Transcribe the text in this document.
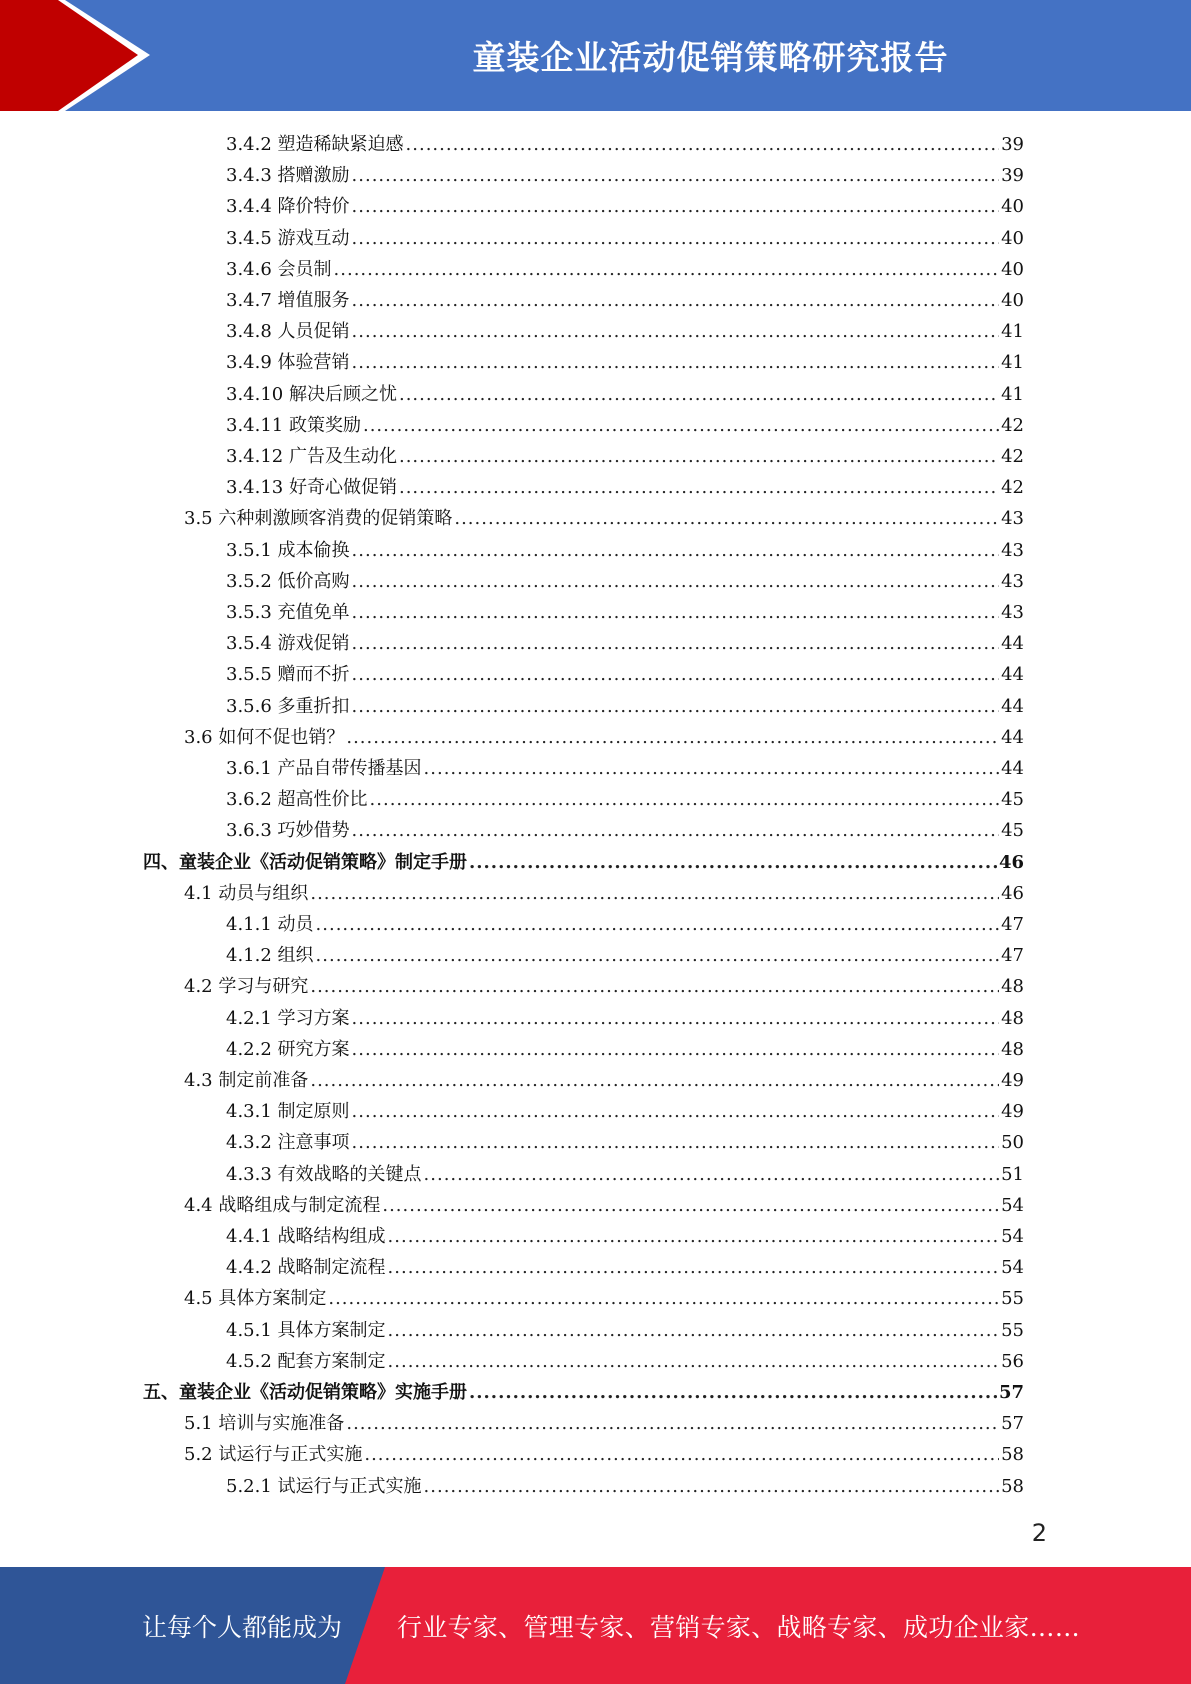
童装企业活动促销策略研究报告
3.4.2 塑造稀缺紧迫感 .....	39
3.4.3 搭赠激励 .....	39
3.4.4 降价特价 .....	40
3.4.5 游戏互动 .....	40
3.4.6 会员制 .....	40
3.4.7 增值服务 .....	40
3.4.8 人员促销 .....	41
3.4.9 体验营销 .....	41
3.4.10 解决后顾之忧 .....	41
3.4.11 政策奖励 .....	42
3.4.12 广告及生动化 .....	42
3.4.13 好奇心做促销 .....	42
3.5 六种刺激顾客消费的促销策略 .....	43
3.5.1 成本偷换 .....	43
3.5.2 低价高购 .....	43
3.5.3 充值免单 .....	43
3.5.4 游戏促销 .....	44
3.5.5 赠而不折 .....	44
3.5.6 多重折扣 .....	44
3.6 如何不促也销？ .....	44
3.6.1 产品自带传播基因 .....	44
3.6.2 超高性价比 .....	45
3.6.3 巧妙借势 .....	45
四、童装企业《活动促销策略》制定手册 .....	46
4.1 动员与组织 .....	46
4.1.1 动员 .....	47
4.1.2 组织 .....	47
4.2 学习与研究 .....	48
4.2.1 学习方案 .....	48
4.2.2 研究方案 .....	48
4.3 制定前准备 .....	49
4.3.1 制定原则 .....	49
4.3.2 注意事项 .....	50
4.3.3 有效战略的关键点 .....	51
4.4 战略组成与制定流程 .....	54
4.4.1 战略结构组成 .....	54
4.4.2 战略制定流程 .....	54
4.5 具体方案制定 .....	55
4.5.1 具体方案制定 .....	55
4.5.2 配套方案制定 .....	56
五、童装企业《活动促销策略》实施手册 .....	57
5.1 培训与实施准备 .....	57
5.2 试运行与正式实施 .....	58
5.2.1 试运行与正式实施 .....	58
2
让每个人都能成为 行业专家、管理专家、营销专家、战略专家、成功企业家……
